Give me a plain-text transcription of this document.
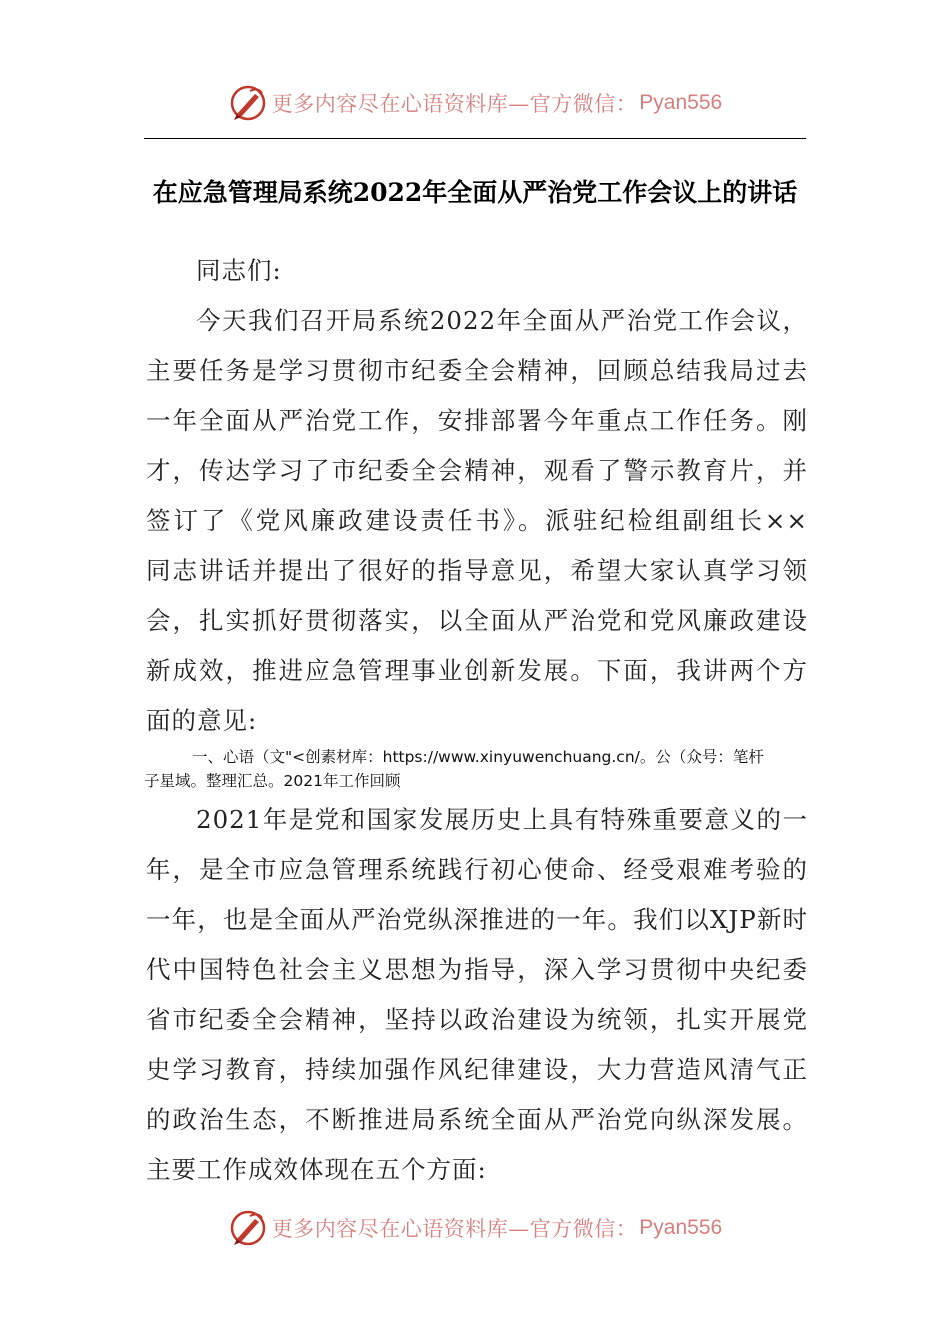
更多内容尽在心语资料库—官方微信： Pyan556
在应急管理局系统2022年全面从严治党工作会议上的讲话
同志们:
今天我们召开局系统2022年全面从严治党工作会议，
主要任务是学习贯彻市纪委全会精神，回顾总结我局过去
一年全面从严治党工作，安排部署今年重点工作任务。刚
才，传达学习了市纪委全会精神，观看了警示教育片，并
签订了《党风廉政建设责任书》。派驻纪检组副组长××
同志讲话并提出了很好的指导意见，希望大家认真学习领
会，扎实抓好贯彻落实，以全面从严治党和党风廉政建设
新成效，推进应急管理事业创新发展。下面，我讲两个方
面的意见:
一、心语（文"<创素材库：https://www.xinyuwenchuang.cn/。公（众号：笔杆
子星域。整理汇总。2021年工作回顾
2021年是党和国家发展历史上具有特殊重要意义的一
年，是全市应急管理系统践行初心使命、经受艰难考验的
一年，也是全面从严治党纵深推进的一年。我们以XJP新时
代中国特色社会主义思想为指导，深入学习贯彻中央纪委
省市纪委全会精神，坚持以政治建设为统领，扎实开展党
史学习教育，持续加强作风纪律建设，大力营造风清气正
的政治生态，不断推进局系统全面从严治党向纵深发展。
主要工作成效体现在五个方面:
更多内容尽在心语资料库—官方微信： Pyan556
